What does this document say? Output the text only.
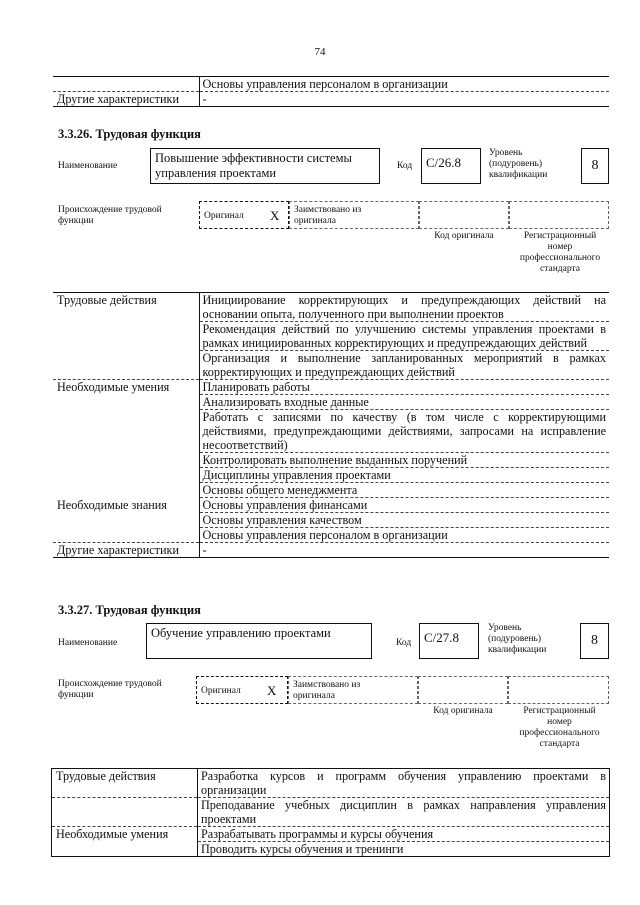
74
	Основы управления персоналом в организации
Другие характеристики	-
3.3.26. Трудовая функция
Наименование
Повышение эффективности системы управления проектами	Код	С/26.8
Уровень (подуровень) квалификации
8
Происхождение трудовой функции	Оригинал X Заимствовано из оригинала
Код оригинала	Регистрационный номер профессионального стандарта
Трудовые действия	Инициирование корректирующих и предупреждающих действий на основании опыта, полученного при выполнении проектов
	Рекомендация действий по улучшению системы управления проектами в рамках инициированных корректирующих и предупреждающих действий
	Организация и выполнение запланированных мероприятий в рамках корректирующих и предупреждающих действий
Необходимые умения	Планировать работы
	Анализировать входные данные
	Работать с записями по качеству (в том числе с корректирующими действиями, предупреждающими действиями, запросами на исправление несоответствий)
	Контролировать выполнение выданных поручений
Необходимые знания	Дисциплины управления проектами
	Основы общего менеджмента
	Основы управления финансами
	Основы управления качеством
	Основы управления персоналом в организации
Другие характеристики	-
3.3.27. Трудовая функция
Наименование
Обучение управлению проектами
Код С/27.8
Уровень (подуровень) квалификации
8
Происхождение трудовой функции	Оригинал X Заимствовано из оригинала
Код оригинала	Регистрационный номер профессионального стандарта
Трудовые действия	Разработка курсов и программ обучения управлению проектами в организации
	Преподавание учебных дисциплин в рамках направления управления проектами
Необходимые умения	Разрабатывать программы и курсы обучения
	Проводить курсы обучения и тренинги
